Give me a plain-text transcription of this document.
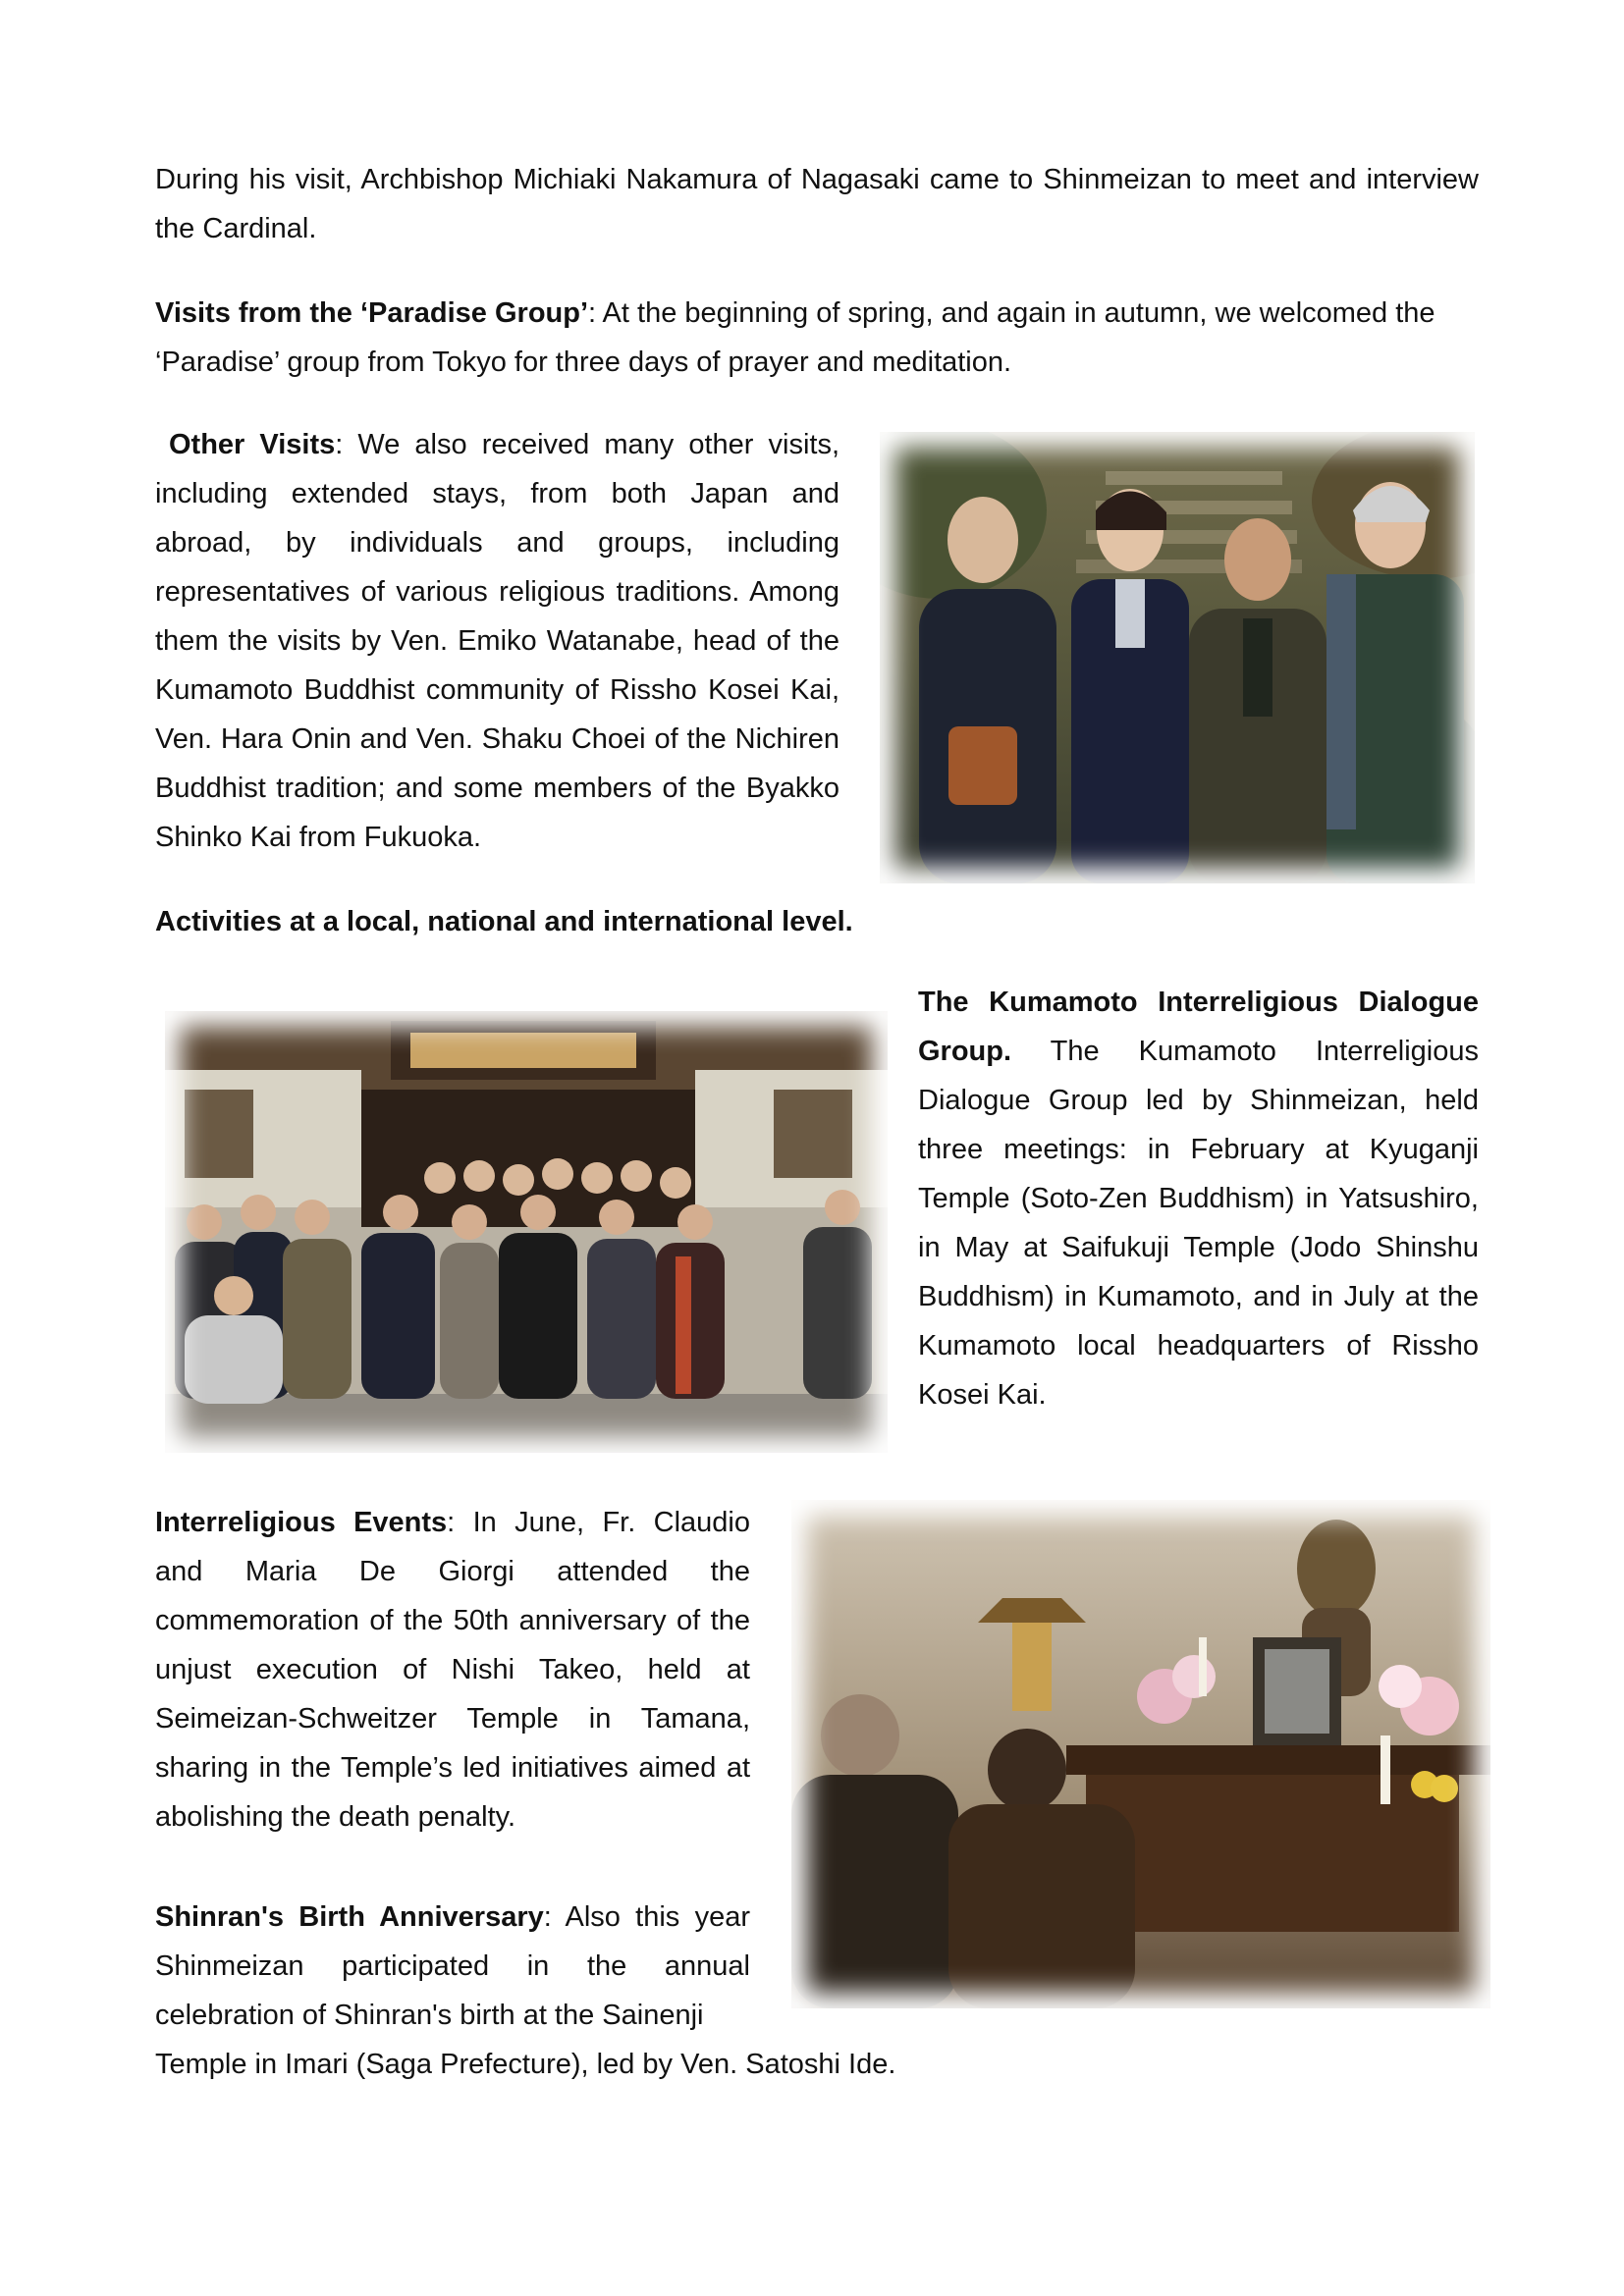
During his visit, Archbishop Michiaki Nakamura of Nagasaki came to Shinmeizan to meet and interview the Cardinal.

Visits from the ‘Paradise Group’: At the beginning of spring, and again in autumn, we welcomed the ‘Paradise’ group from Tokyo for three days of prayer and meditation.

Other Visits: We also received many other visits, including extended stays, from both Japan and abroad, by individuals and groups, including representatives of various religious traditions. Among them the visits by Ven. Emiko Watanabe, head of the Kumamoto Buddhist community of Rissho Kosei Kai, Ven. Hara Onin and Ven. Shaku Choei of the Nichiren Buddhist tradition; and some members of the Byakko Shinko Kai from Fukuoka.

Activities at a local, national and international level.

The Kumamoto Interreligious Dialogue Group. The Kumamoto Interreligious Dialogue Group led by Shinmeizan, held three meetings: in February at Kyuganji Temple (Soto-Zen Buddhism) in Yatsushiro, in May at Saifukuji Temple (Jodo Shinshu Buddhism) in Kumamoto, and in July at the Kumamoto local headquarters of Rissho Kosei Kai.

Interreligious Events: In June, Fr. Claudio and Maria De Giorgi attended the commemoration of the 50th anniversary of the unjust execution of Nishi Takeo, held at Seimeizan-Schweitzer Temple in Tamana, sharing in the Temple’s led initiatives aimed at abolishing the death penalty.

Shinran's Birth Anniversary: Also this year Shinmeizan participated in the annual celebration of Shinran's birth at the Sainenji

Temple in Imari (Saga Prefecture), led by Ven. Satoshi Ide.
